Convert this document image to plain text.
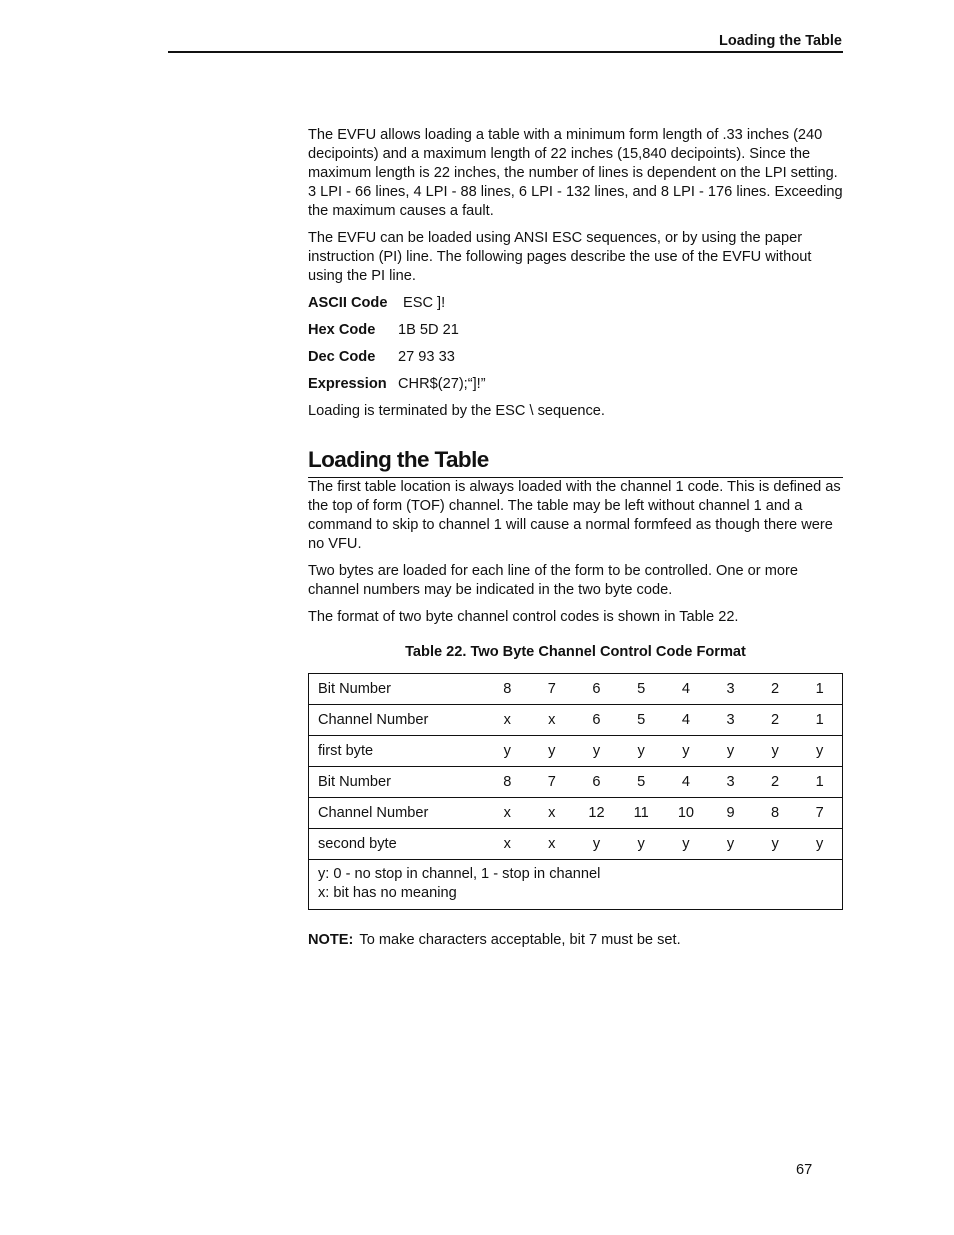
Loading the Table

The EVFU allows loading a table with a minimum form length of .33 inches (240 decipoints) and a maximum length of 22 inches (15,840 decipoints). Since the maximum length is 22 inches, the number of lines is dependent on the LPI setting. 3 LPI - 66 lines, 4 LPI - 88 lines, 6 LPI - 132 lines, and 8 LPI - 176 lines. Exceeding the maximum causes a fault.

The EVFU can be loaded using ANSI ESC sequences, or by using the paper instruction (PI) line. The following pages describe the use of the EVFU without using the PI line.

ASCII Code ESC ]!
Hex Code 1B 5D 21
Dec Code 27 93 33
Expression CHR$(27);“]!”

Loading is terminated by the ESC \ sequence.

Loading the Table

The first table location is always loaded with the channel 1 code. This is defined as the top of form (TOF) channel. The table may be left without channel 1 and a command to skip to channel 1 will cause a normal formfeed as though there were no VFU.

Two bytes are loaded for each line of the form to be controlled. One or more channel numbers may be indicated in the two byte code.

The format of two byte channel control codes is shown in Table 22.

Table 22. Two Byte Channel Control Code Format
Bit Number	8	7	6	5	4	3	2	1
Channel Number	x	x	6	5	4	3	2	1
first byte	y	y	y	y	y	y	y	y
Bit Number	8	7	6	5	4	3	2	1
Channel Number	x	x	12	11	10	9	8	7
second byte	x	x	y	y	y	y	y	y

y: 0 - no stop in channel, 1 - stop in channel
x: bit has no meaning								
NOTE: To make characters acceptable, bit 7 must be set.
67
